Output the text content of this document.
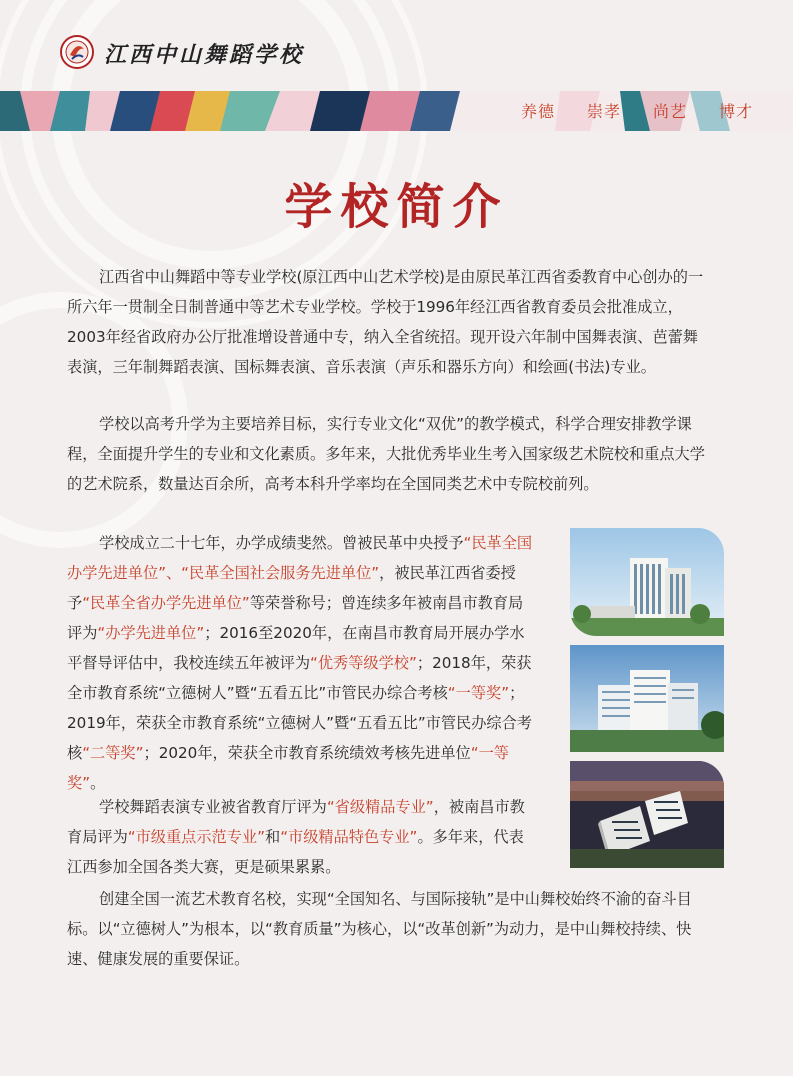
江西中山舞蹈学校
养德 崇孝 尚艺 博才
学校简介
江西省中山舞蹈中等专业学校(原江西中山艺术学校)是由原民革江西省委教育中心创办的一所六年一贯制全日制普通中等艺术专业学校。学校于1996年经江西省教育委员会批准成立，2003年经省政府办公厅批准增设普通中专，纳入全省统招。现开设六年制中国舞表演、芭蕾舞表演，三年制舞蹈表演、国标舞表演、音乐表演（声乐和器乐方向）和绘画(书法)专业。
学校以高考升学为主要培养目标，实行专业文化“双优”的教学模式，科学合理安排教学课程，全面提升学生的专业和文化素质。多年来，大批优秀毕业生考入国家级艺术院校和重点大学的艺术院系，数量达百余所，高考本科升学率均在全国同类艺术中专院校前列。
学校成立二十七年，办学成绩斐然。曾被民革中央授予“民革全国办学先进单位”、“民革全国社会服务先进单位”，被民革江西省委授予“民革全省办学先进单位”等荣誉称号；曾连续多年被南昌市教育局评为“办学先进单位”；2016至2020年，在南昌市教育局开展办学水平督导评估中，我校连续五年被评为“优秀等级学校”；2018年，荣获全市教育系统“立德树人”暨“五看五比”市管民办综合考核“一等奖”；2019年，荣获全市教育系统“立德树人”暨“五看五比”市管民办综合考核“二等奖”；2020年，荣获全市教育系统绩效考核先进单位“一等奖”。
学校舞蹈表演专业被省教育厅评为“省级精品专业”，被南昌市教育局评为“市级重点示范专业”和“市级精品特色专业”。多年来，代表江西参加全国各类大赛，更是硕果累累。
创建全国一流艺术教育名校，实现“全国知名、与国际接轨”是中山舞校始终不渝的奋斗目标。以“立德树人”为根本，以“教育质量”为核心，以“改革创新”为动力，是中山舞校持续、快速、健康发展的重要保证。
